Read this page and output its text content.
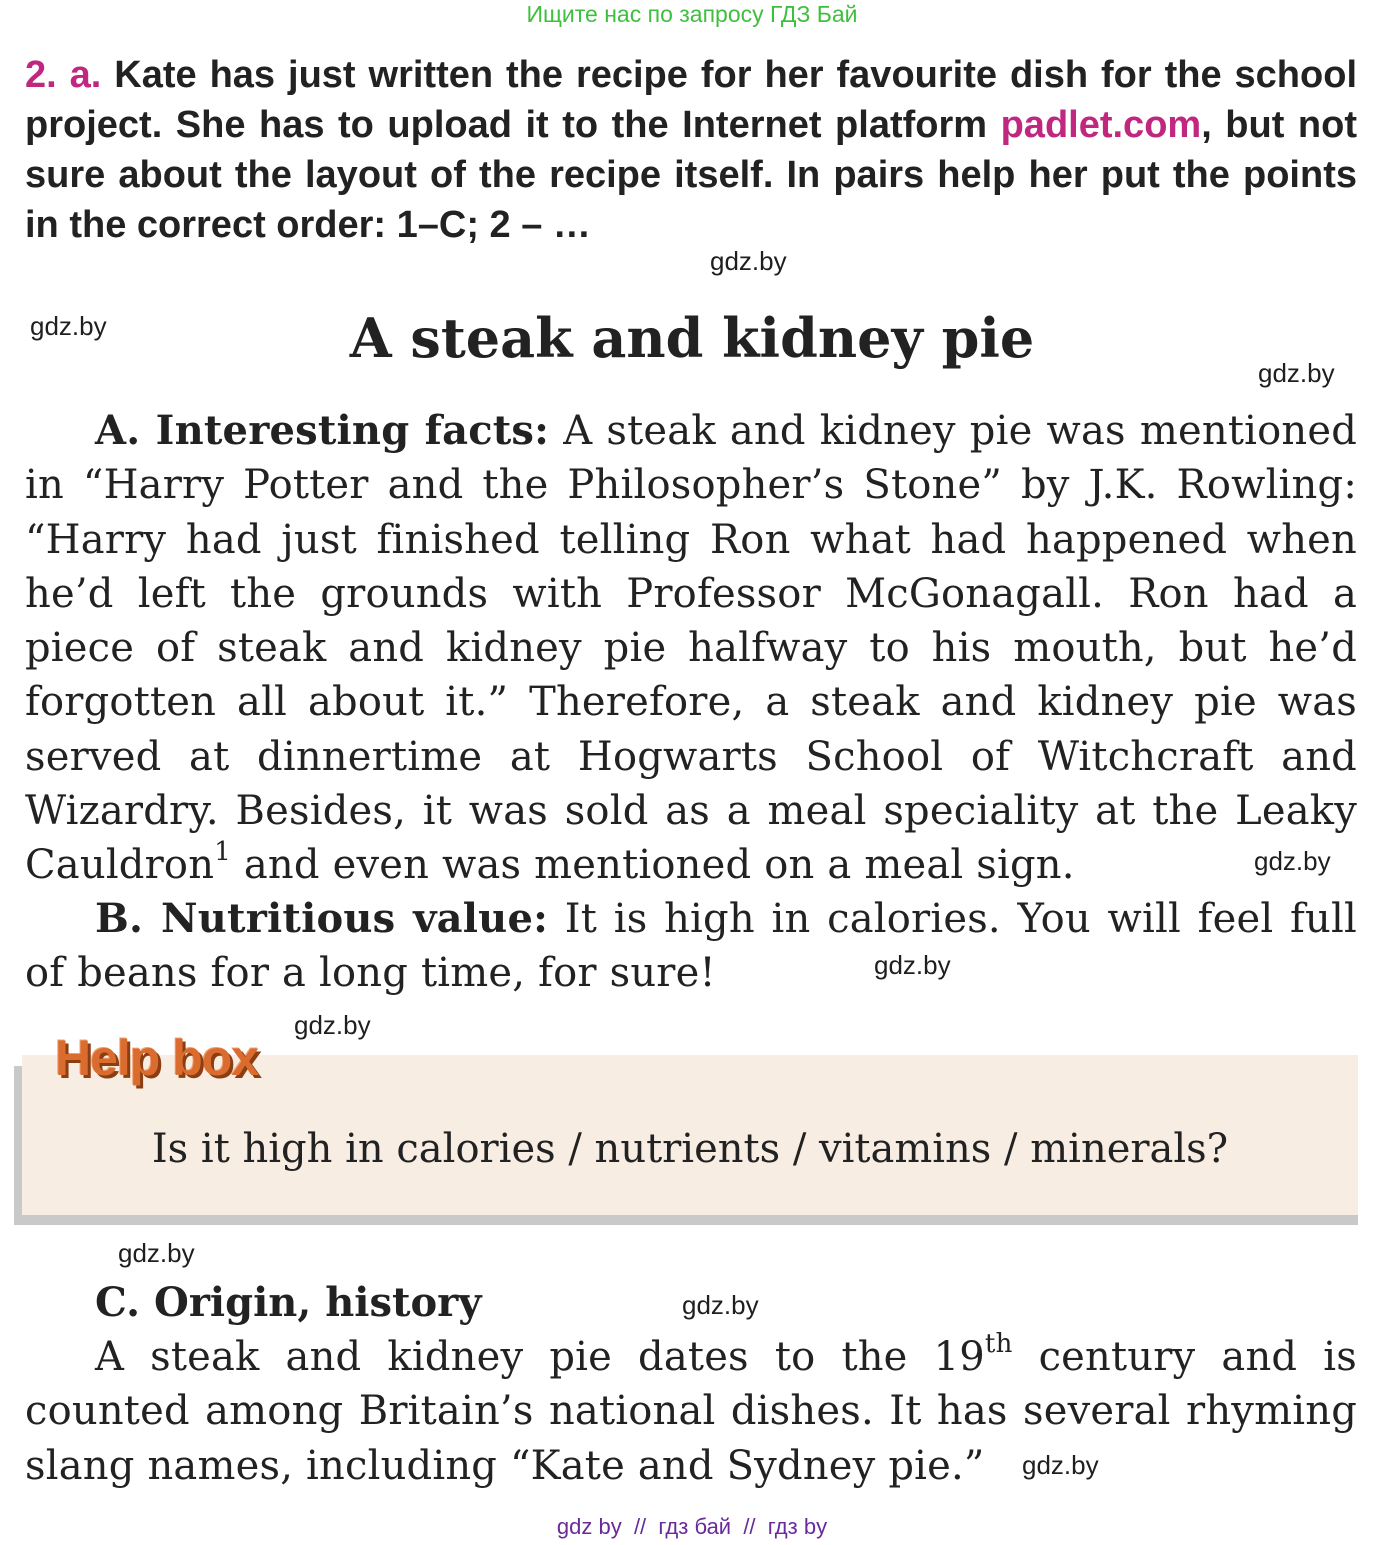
Ищите нас по запросу ГДЗ Бай
2. а. Kate has just written the recipe for her favourite dish for the school project. She has to upload it to the Internet platform padlet.com, but not sure about the layout of the recipe itself. In pairs help her put the points in the correct order: 1–C; 2 – …
gdz.by
gdz.by
gdz.by
A steak and kidney pie
A. Interesting facts: A steak and kidney pie was mentioned in “Harry Potter and the Philosopher’s Stone” by J.K. Rowling: “Harry had just finished telling Ron what had happened when he’d left the grounds with Professor McGonagall. Ron had a piece of steak and kidney pie halfway to his mouth, but he’d forgotten all about it.” Therefore, a steak and kidney pie was served at dinnertime at Hogwarts School of Witchcraft and Wizardry. Besides, it was sold as a meal speciality at the Leaky Cauldron$^1$ and even was mentioned on a meal sign.	gdz.by
B. Nutritious value: It is high in calories. You will feel full of beans for a long time, for sure!	gdz.by
gdz.by
Help box
Is it high in calories / nutrients / vitamins / minerals?
gdz.by
C. Origin, history	gdz.by
A steak and kidney pie dates to the 19th century and is counted among Britain’s national dishes. It has several rhyming slang names, including “Kate and Sydney pie.”	gdz.by
gdz by  //  гдз бай  //  гдз by
